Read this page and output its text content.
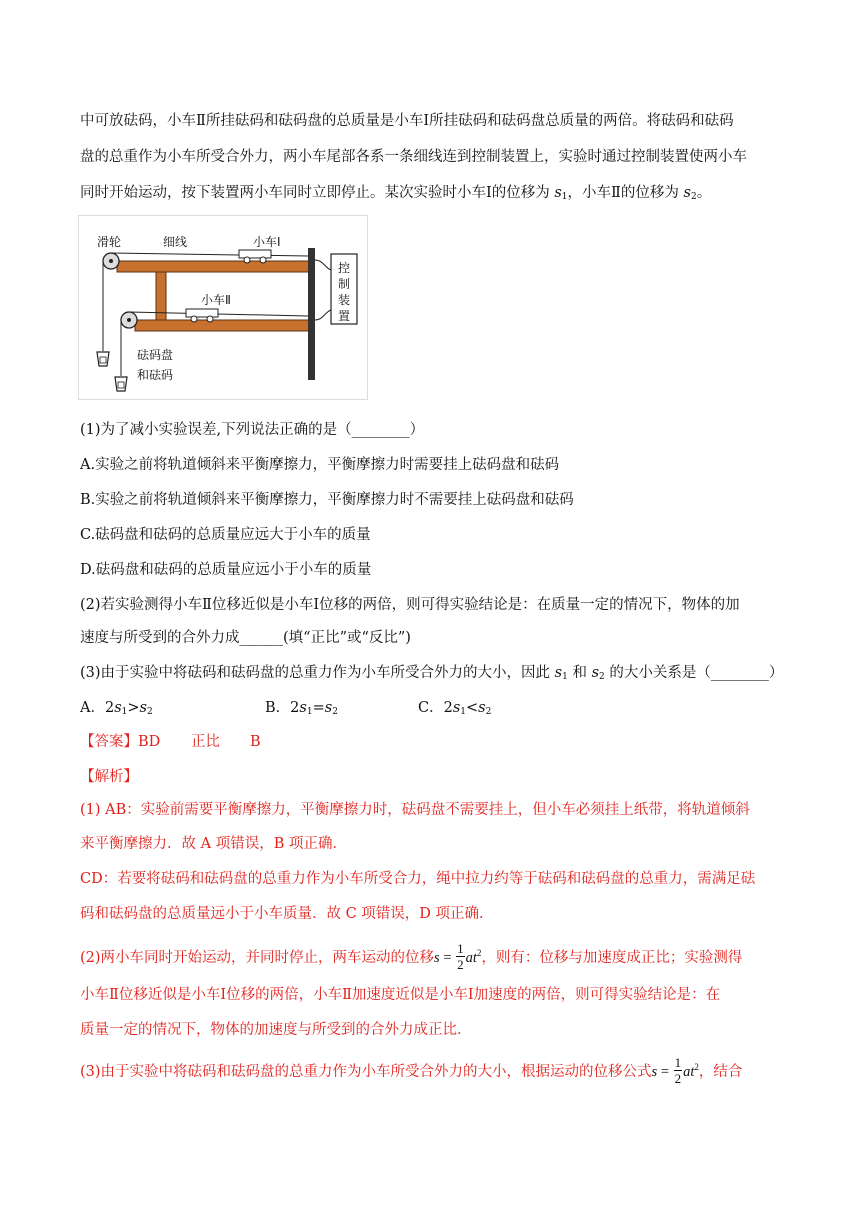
中可放砝码，小车Ⅱ所挂砝码和砝码盘的总质量是小车Ⅰ所挂砝码和砝码盘总质量的两倍。将砝码和砝码
盘的总重作为小车所受合外力，两小车尾部各系一条细线连到控制装置上，实验时通过控制装置使两小车
同时开始运动，按下装置两小车同时立即停止。某次实验时小车Ⅰ的位移为 $s_1$，小车Ⅱ的位移为 $s_2$。
控
制
装
置
滑轮	细线	小车Ⅰ
小车Ⅱ
砝码盘
和砝码
(1)为了减小实验误差,下列说法正确的是（________）
A.实验之前将轨道倾斜来平衡摩擦力，平衡摩擦力时需要挂上砝码盘和砝码
B.实验之前将轨道倾斜来平衡摩擦力，平衡摩擦力时不需要挂上砝码盘和砝码
C.砝码盘和砝码的总质量应远大于小车的质量
D.砝码盘和砝码的总质量应远小于小车的质量
(2)若实验测得小车Ⅱ位移近似是小车Ⅰ位移的两倍，则可得实验结论是：在质量一定的情况下，物体的加
速度与所受到的合外力成______(填“正比”或“反比”)
(3)由于实验中将砝码和砝码盘的总重力作为小车所受合外力的大小，因此 $s_1$ 和 $s_2$ 的大小关系是（________）
A．$2s_1>s_2$	B．$2s_1=s_2$	C．$2s_1<s_2$
【答案】BD 正比 B
【解析】
(1) AB：实验前需要平衡摩擦力，平衡摩擦力时，砝码盘不需要挂上，但小车必须挂上纸带，将轨道倾斜
来平衡摩擦力．故 A 项错误，B 项正确．
CD：若要将砝码和砝码盘的总重力作为小车所受合力，绳中拉力约等于砝码和砝码盘的总重力，需满足砝
码和砝码盘的总质量远小于小车质量．故 C 项错误，D 项正确．
(2)两小车同时开始运动，并同时停止，两车运动的位移$s = \frac{1}{2} at^2$，则有：位移与加速度成正比；实验测得
小车Ⅱ位移近似是小车Ⅰ位移的两倍，小车Ⅱ加速度近似是小车Ⅰ加速度的两倍，则可得实验结论是：在
质量一定的情况下，物体的加速度与所受到的合外力成正比．
(3)由于实验中将砝码和砝码盘的总重力作为小车所受合外力的大小，根据运动的位移公式$s = \frac{1}{2} at^2$，结合
